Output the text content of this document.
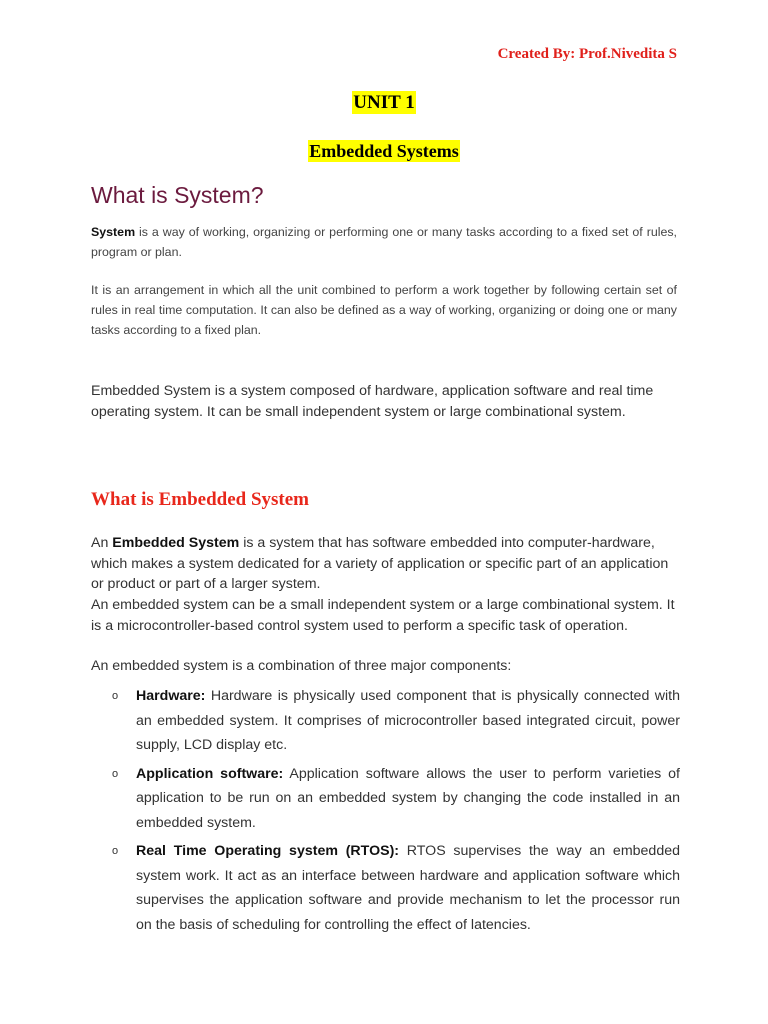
Created By: Prof.Nivedita S
UNIT 1
Embedded Systems
What is System?

System is a way of working, organizing or performing one or many tasks according to a fixed set of rules, program or plan.

It is an arrangement in which all the unit combined to perform a work together by following certain set of rules in real time computation. It can also be defined as a way of working, organizing or doing one or many tasks according to a fixed plan.

Embedded System is a system composed of hardware, application software and real time operating system. It can be small independent system or large combinational system.

What is Embedded System

An Embedded System is a system that has software embedded into computer-hardware, which makes a system dedicated for a variety of application or specific part of an application or product or part of a larger system.

An embedded system can be a small independent system or a large combinational system. It is a microcontroller-based control system used to perform a specific task of operation.

An embedded system is a combination of three major components:

o Hardware: Hardware is physically used component that is physically connected with an embedded system. It comprises of microcontroller based integrated circuit, power supply, LCD display etc.
o Application software: Application software allows the user to perform varieties of application to be run on an embedded system by changing the code installed in an embedded system.
o Real Time Operating system (RTOS): RTOS supervises the way an embedded system work. It act as an interface between hardware and application software which supervises the application software and provide mechanism to let the processor run on the basis of scheduling for controlling the effect of latencies.
